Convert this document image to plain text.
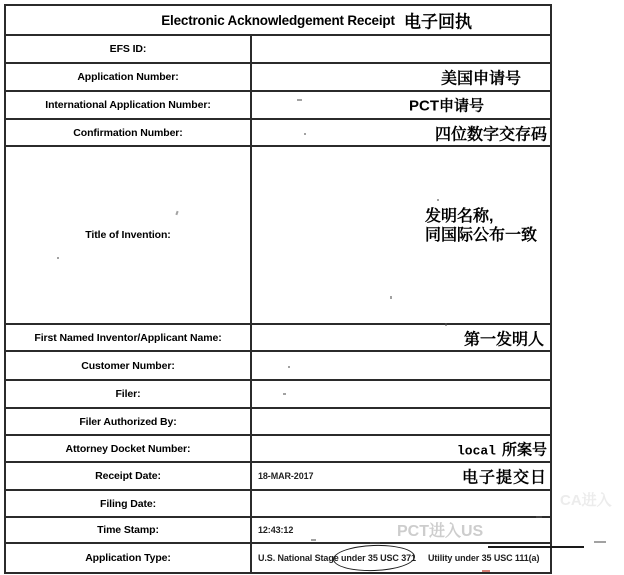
Electronic Acknowledgement Receipt 电子回执
EFS ID:
Application Number:	美国申请号
International Application Number:	PCT申请号
Confirmation Number:	四位数字交存码
Title of Invention:
发明名称,
同国际公布一致
First Named Inventor/Applicant Name:	第一发明人
Customer Number:
Filer:
Filer Authorized By:
Attorney Docket Number:	local 所案号
Receipt Date:	18-MAR-2017	电子提交日
Filing Date:
Time Stamp:	12:43:12
Application Type:	U.S. National Stage under 35 USC 371 Utility under 35 USC 111(a)
PCT进入US
CA进入
